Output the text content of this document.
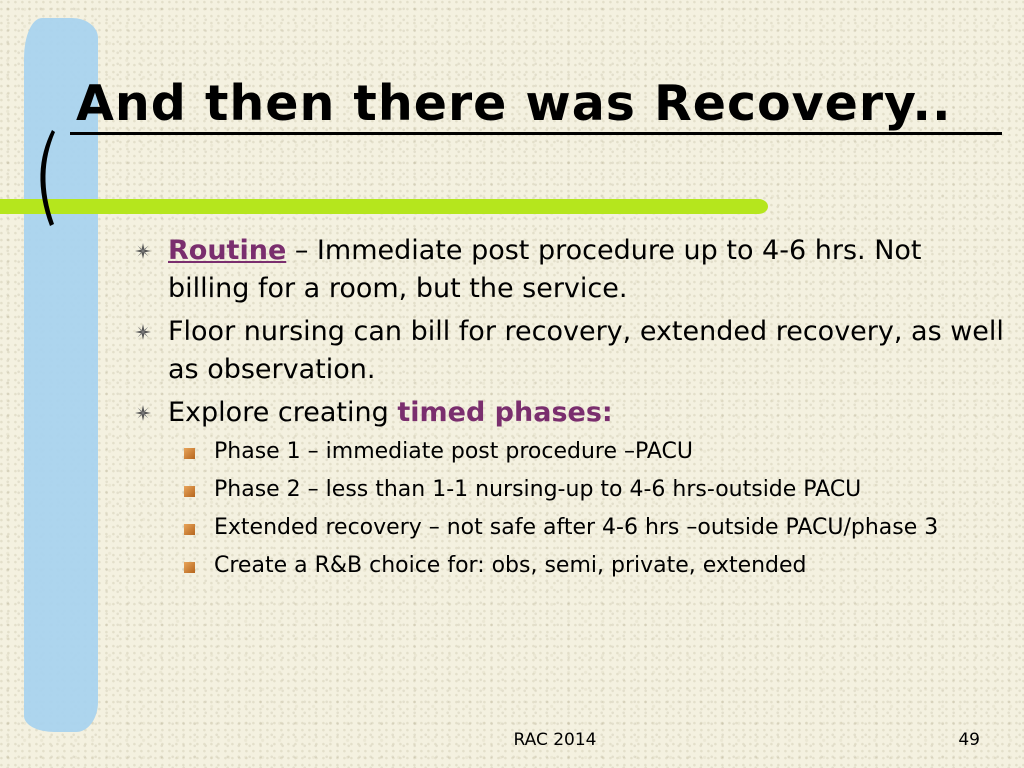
And then there was Recovery..
Routine – Immediate post procedure up to 4-6 hrs. Not billing for a room, but the service.
Floor nursing can bill for recovery, extended recovery, as well as observation.
Explore creating timed phases:
Phase 1 – immediate post procedure –PACU
Phase 2 – less than 1-1 nursing-up to 4-6 hrs-outside PACU
Extended recovery – not safe after 4-6 hrs –outside PACU/phase 3
Create a R&B choice for: obs, semi, private, extended
RAC 2014	49
